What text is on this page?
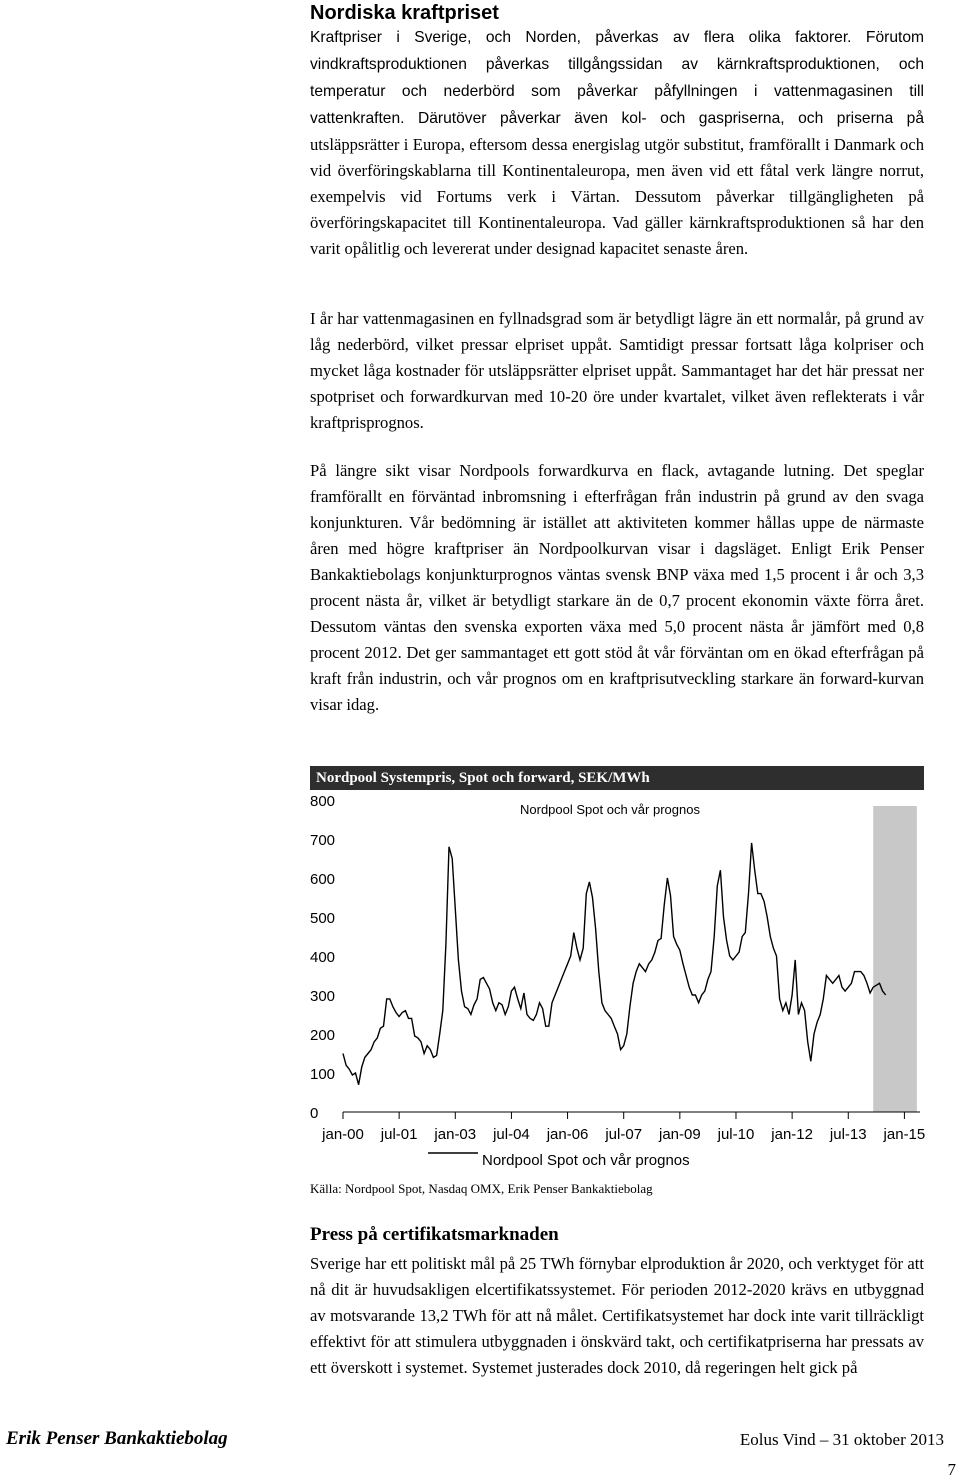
Nordiska kraftpriset

Kraftpriser i Sverige, och Norden, påverkas av flera olika faktorer. Förutom vindkraftsproduktionen påverkas tillgångssidan av kärnkraftsproduktionen, och temperatur och nederbörd som påverkar påfyllningen i vattenmagasinen till vattenkraften. Därutöver påverkar även kol- och gaspriserna, och priserna på utsläppsrätter i Europa, eftersom dessa energislag utgör substitut, framförallt i Danmark och vid överföringskablarna till Kontinentaleuropa, men även vid ett fåtal verk längre norrut, exempelvis vid Fortums verk i Värtan. Dessutom påverkar tillgängligheten på överföringskapacitet till Kontinentaleuropa. Vad gäller kärnkraftsproduktionen så har den varit opålitlig och levererat under designad kapacitet senaste åren.

I år har vattenmagasinen en fyllnadsgrad som är betydligt lägre än ett normalår, på grund av låg nederbörd, vilket pressar elpriset uppåt. Samtidigt pressar fortsatt låga kolpriser och mycket låga kostnader för utsläppsrätter elpriset uppåt. Sammantaget har det här pressat ner spotpriset och forwardkurvan med 10-20 öre under kvartalet, vilket även reflekterats i vår kraftprisprognos.

På längre sikt visar Nordpools forwardkurva en flack, avtagande lutning. Det speglar framförallt en förväntad inbromsning i efterfrågan från industrin på grund av den svaga konjunkturen. Vår bedömning är istället att aktiviteten kommer hållas uppe de närmaste åren med högre kraftpriser än Nordpoolkurvan visar i dagsläget. Enligt Erik Penser Bankaktiebolags konjunkturprognos väntas svensk BNP växa med 1,5 procent i år och 3,3 procent nästa år, vilket är betydligt starkare än de 0,7 procent ekonomin växte förra året. Dessutom väntas den svenska exporten växa med 5,0 procent nästa år jämfört med 0,8 procent 2012. Det ger sammantaget ett gott stöd åt vår förväntan om en ökad efterfrågan på kraft från industrin, och vår prognos om en kraftprisutveckling starkare än forward-kurvan visar idag.

Nordpool Systempris, Spot och forward, SEK/MWh
0
100
200
300
400
500
600
700
800
jan-00 jul-01 jan-03 jul-04 jan-06 jul-07 jan-09 jul-10 jan-12 jul-13 jan-15
Nordpool Spot och vår prognos
Nordpool Spot och vår prognos

Källa: Nordpool Spot, Nasdaq OMX, Erik Penser Bankaktiebolag

Press på certifikatsmarknaden

Sverige har ett politiskt mål på 25 TWh förnybar elproduktion år 2020, och verktyget för att nå dit är huvudsakligen elcertifikatssystemet. För perioden 2012-2020 krävs en utbyggnad av motsvarande 13,2 TWh för att nå målet. Certifikatsystemet har dock inte varit tillräckligt effektivt för att stimulera utbyggnaden i önskvärd takt, och certifikatpriserna har pressats av ett överskott i systemet. Systemet justerades dock 2010, då regeringen helt gick på

Erik Penser Bankaktiebolag	Eolus Vind – 31 oktober 2013

7
